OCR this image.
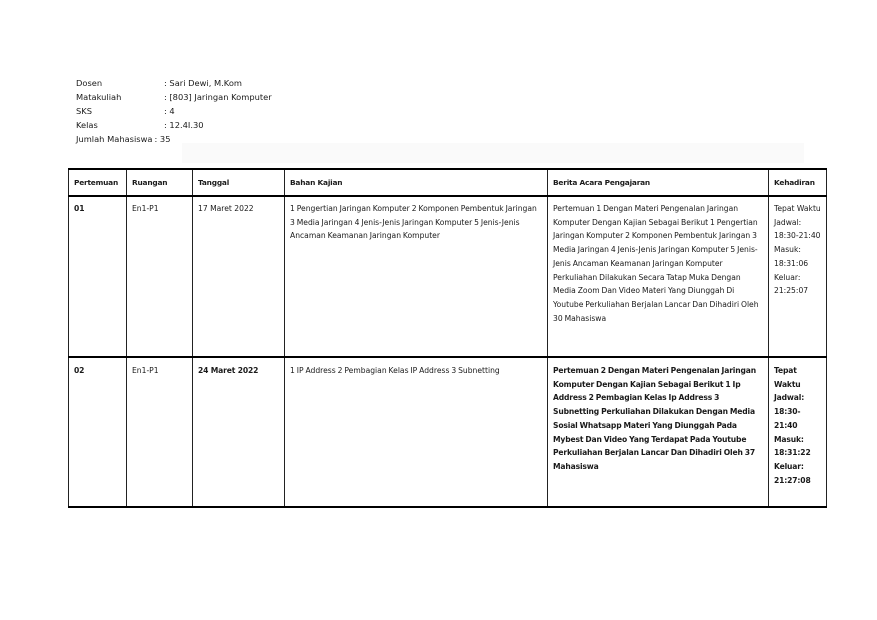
Dosen	: Sari Dewi, M.Kom
Matakuliah	: [803] Jaringan Komputer
SKS	: 4
Kelas	: 12.4I.30
Jumlah Mahasiswa : 35
Pertemuan	Ruangan	Tanggal	Bahan Kajian	Berita Acara Pengajaran	Kehadiran
01	En1-P1	17 Maret 2022	1 Pengertian Jaringan Komputer 2 Komponen Pembentuk Jaringan 3 Media Jaringan 4 Jenis-Jenis Jaringan Komputer 5 Jenis-Jenis Ancaman Keamanan Jaringan Komputer	Pertemuan 1 Dengan Materi Pengenalan Jaringan Komputer Dengan Kajian Sebagai Berikut 1 Pengertian Jaringan Komputer 2 Komponen Pembentuk Jaringan 3 Media Jaringan 4 Jenis-Jenis Jaringan Komputer 5 Jenis-Jenis Ancaman Keamanan Jaringan Komputer Perkuliahan Dilakukan Secara Tatap Muka Dengan Media Zoom Dan Video Materi Yang Diunggah Di Youtube Perkuliahan Berjalan Lancar Dan Dihadiri Oleh 30 Mahasiswa	Tepat Waktu Jadwal: 18:30-21:40 Masuk: 18:31:06 Keluar: 21:25:07
02	En1-P1	24 Maret 2022	1 IP Address 2 Pembagian Kelas IP Address 3 Subnetting	Pertemuan 2 Dengan Materi Pengenalan Jaringan Komputer Dengan Kajian Sebagai Berikut 1 Ip Address 2 Pembagian Kelas Ip Address 3 Subnetting Perkuliahan Dilakukan Dengan Media Sosial Whatsapp Materi Yang Diunggah Pada Mybest Dan Video Yang Terdapat Pada Youtube Perkuliahan Berjalan Lancar Dan Dihadiri Oleh 37 Mahasiswa	Tepat Waktu Jadwal: 18:30-21:40 Masuk: 18:31:22 Keluar: 21:27:08
